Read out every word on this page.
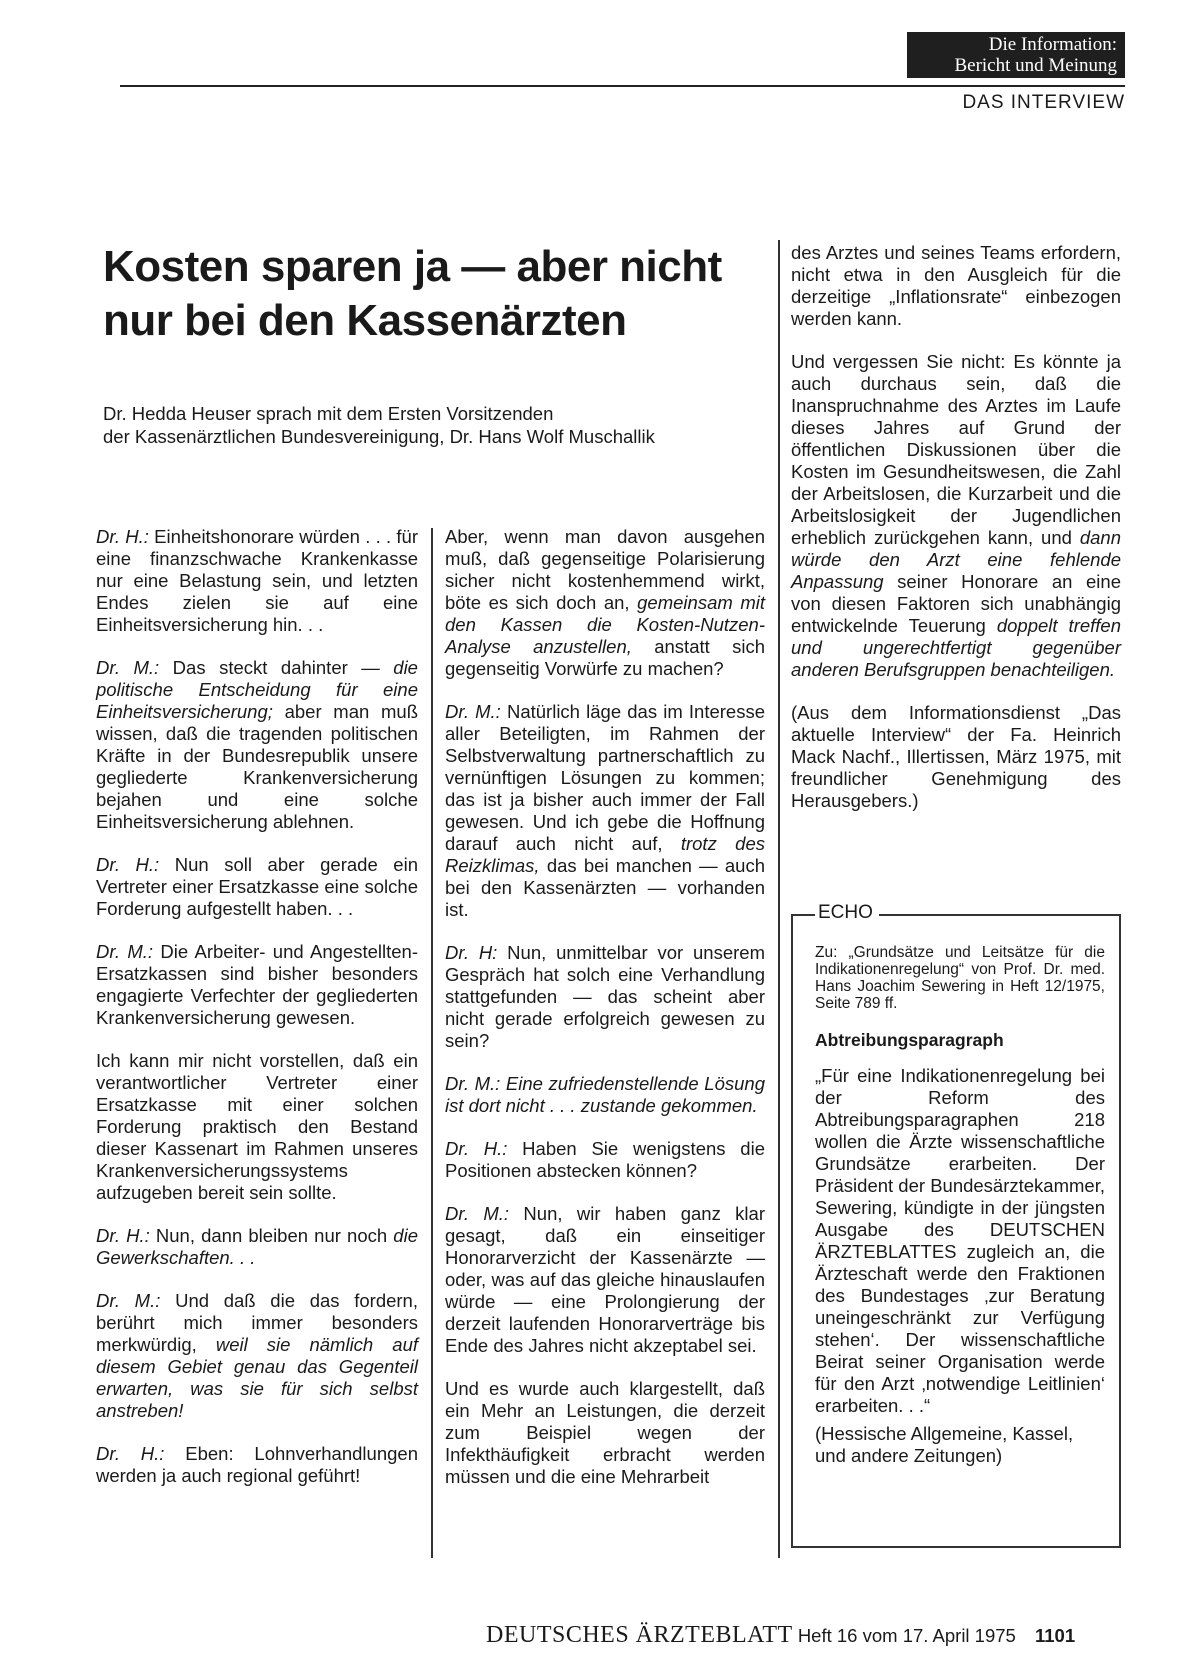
Die Information:
Bericht und Meinung
DAS INTERVIEW
Kosten sparen ja — aber nicht nur bei den Kassenärzten
Dr. Hedda Heuser sprach mit dem Ersten Vorsitzenden
der Kassenärztlichen Bundesvereinigung, Dr. Hans Wolf Muschallik

Dr. H.: Einheitshonorare würden . . . für eine finanzschwache Krankenkasse nur eine Belastung sein, und letzten Endes zielen sie auf eine Einheitsversicherung hin. . .

Dr. M.: Das steckt dahinter — die politische Entscheidung für eine Einheitsversicherung; aber man muß wissen, daß die tragenden politischen Kräfte in der Bundesrepublik unsere gegliederte Krankenversicherung bejahen und eine solche Einheitsversicherung ablehnen.

Dr. H.: Nun soll aber gerade ein Vertreter einer Ersatzkasse eine solche Forderung aufgestellt haben. . .

Dr. M.: Die Arbeiter- und Angestellten-Ersatzkassen sind bisher besonders engagierte Verfechter der gegliederten Krankenversicherung gewesen.

Ich kann mir nicht vorstellen, daß ein verantwortlicher Vertreter einer Ersatzkasse mit einer solchen Forderung praktisch den Bestand dieser Kassenart im Rahmen unseres Krankenversicherungssystems aufzugeben bereit sein sollte.

Dr. H.: Nun, dann bleiben nur noch die Gewerkschaften. . .

Dr. M.: Und daß die das fordern, berührt mich immer besonders merkwürdig, weil sie nämlich auf diesem Gebiet genau das Gegenteil erwarten, was sie für sich selbst anstreben!

Dr. H.: Eben: Lohnverhandlungen werden ja auch regional geführt!

Aber, wenn man davon ausgehen muß, daß gegenseitige Polarisierung sicher nicht kostenhemmend wirkt, böte es sich doch an, gemeinsam mit den Kassen die Kosten-Nutzen-Analyse anzustellen, anstatt sich gegenseitig Vorwürfe zu machen?

Dr. M.: Natürlich läge das im Interesse aller Beteiligten, im Rahmen der Selbstverwaltung partnerschaftlich zu vernünftigen Lösungen zu kommen; das ist ja bisher auch immer der Fall gewesen. Und ich gebe die Hoffnung darauf auch nicht auf, trotz des Reizklimas, das bei manchen — auch bei den Kassenärzten — vorhanden ist.

Dr. H: Nun, unmittelbar vor unserem Gespräch hat solch eine Verhandlung stattgefunden — das scheint aber nicht gerade erfolgreich gewesen zu sein?

Dr. M.: Eine zufriedenstellende Lösung ist dort nicht . . . zustande gekommen.

Dr. H.: Haben Sie wenigstens die Positionen abstecken können?

Dr. M.: Nun, wir haben ganz klar gesagt, daß ein einseitiger Honorarverzicht der Kassenärzte — oder, was auf das gleiche hinauslaufen würde — eine Prolongierung der derzeit laufenden Honorarverträge bis Ende des Jahres nicht akzeptabel sei.

Und es wurde auch klargestellt, daß ein Mehr an Leistungen, die derzeit zum Beispiel wegen der Infekthäufigkeit erbracht werden müssen und die eine Mehrarbeit

des Arztes und seines Teams erfordern, nicht etwa in den Ausgleich für die derzeitige „Inflationsrate“ einbezogen werden kann.

Und vergessen Sie nicht: Es könnte ja auch durchaus sein, daß die Inanspruchnahme des Arztes im Laufe dieses Jahres auf Grund der öffentlichen Diskussionen über die Kosten im Gesundheitswesen, die Zahl der Arbeitslosen, die Kurzarbeit und die Arbeitslosigkeit der Jugendlichen erheblich zurückgehen kann, und dann würde den Arzt eine fehlende Anpassung seiner Honorare an eine von diesen Faktoren sich unabhängig entwickelnde Teuerung doppelt treffen und ungerechtfertigt gegenüber anderen Berufsgruppen benachteiligen.

(Aus dem Informationsdienst „Das aktuelle Interview“ der Fa. Heinrich Mack Nachf., Illertissen, März 1975, mit freundlicher Genehmigung des Herausgebers.)

ECHO

Zu: „Grundsätze und Leitsätze für die Indikationenregelung“ von Prof. Dr. med. Hans Joachim Sewering in Heft 12/1975, Seite 789 ff.

Abtreibungsparagraph

„Für eine Indikationenregelung bei der Reform des Abtreibungsparagraphen 218 wollen die Ärzte wissenschaftliche Grundsätze erarbeiten. Der Präsident der Bundesärztekammer, Sewering, kündigte in der jüngsten Ausgabe des DEUTSCHEN ÄRZTEBLATTES zugleich an, die Ärzteschaft werde den Fraktionen des Bundestages ‚zur Beratung uneingeschränkt zur Verfügung stehen‘. Der wissenschaftliche Beirat seiner Organisation werde für den Arzt ‚notwendige Leitlinien‘ erarbeiten. . .“

(Hessische Allgemeine, Kassel, und andere Zeitungen)

DEUTSCHES ÄRZTEBLATT Heft 16 vom 17. April 1975 1101
